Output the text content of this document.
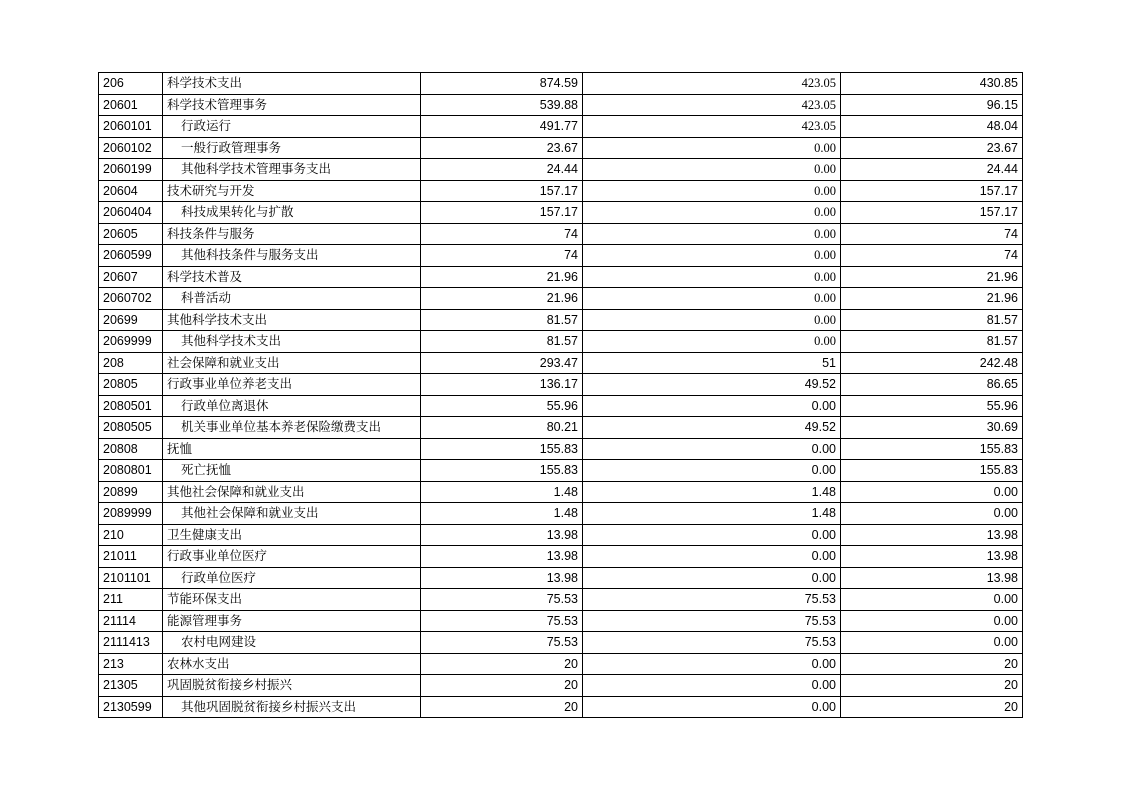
206	科学技术支出	874.59	423.05	430.85
20601	科学技术管理事务	539.88	423.05	96.15
2060101	行政运行	491.77	423.05	48.04
2060102	一般行政管理事务	23.67	0.00	23.67
2060199	其他科学技术管理事务支出	24.44	0.00	24.44
20604	技术研究与开发	157.17	0.00	157.17
2060404	科技成果转化与扩散	157.17	0.00	157.17
20605	科技条件与服务	74	0.00	74
2060599	其他科技条件与服务支出	74	0.00	74
20607	科学技术普及	21.96	0.00	21.96
2060702	科普活动	21.96	0.00	21.96
20699	其他科学技术支出	81.57	0.00	81.57
2069999	其他科学技术支出	81.57	0.00	81.57
208	社会保障和就业支出	293.47	51	242.48
20805	行政事业单位养老支出	136.17	49.52	86.65
2080501	行政单位离退休	55.96	0.00	55.96
2080505	机关事业单位基本养老保险缴费支出	80.21	49.52	30.69
20808	抚恤	155.83	0.00	155.83
2080801	死亡抚恤	155.83	0.00	155.83
20899	其他社会保障和就业支出	1.48	1.48	0.00
2089999	其他社会保障和就业支出	1.48	1.48	0.00
210	卫生健康支出	13.98	0.00	13.98
21011	行政事业单位医疗	13.98	0.00	13.98
2101101	行政单位医疗	13.98	0.00	13.98
211	节能环保支出	75.53	75.53	0.00
21114	能源管理事务	75.53	75.53	0.00
2111413	农村电网建设	75.53	75.53	0.00
213	农林水支出	20	0.00	20
21305	巩固脱贫衔接乡村振兴	20	0.00	20
2130599	其他巩固脱贫衔接乡村振兴支出	20	0.00	20
